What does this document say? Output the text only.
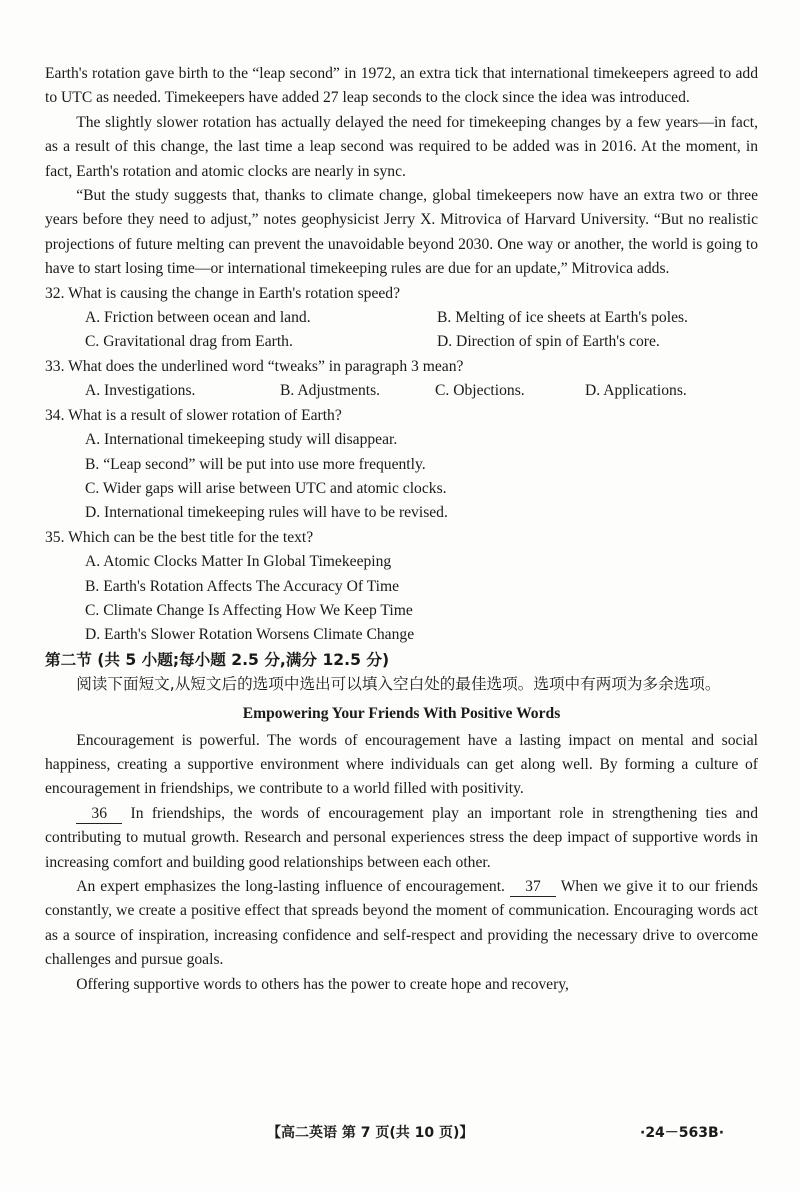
Earth's rotation gave birth to the “leap second” in 1972, an extra tick that international timekeepers agreed to add to UTC as needed. Timekeepers have added 27 leap seconds to the clock since the idea was introduced.

The slightly slower rotation has actually delayed the need for timekeeping changes by a few years—in fact, as a result of this change, the last time a leap second was required to be added was in 2016. At the moment, in fact, Earth's rotation and atomic clocks are nearly in sync.

“But the study suggests that, thanks to climate change, global timekeepers now have an extra two or three years before they need to adjust,” notes geophysicist Jerry X. Mitrovica of Harvard University. “But no realistic projections of future melting can prevent the unavoidable beyond 2030. One way or another, the world is going to have to start losing time—or international timekeeping rules are due for an update,” Mitrovica adds.

32. What is causing the change in Earth's rotation speed?
A. Friction between ocean and land.	B. Melting of ice sheets at Earth's poles.
C. Gravitational drag from Earth.	D. Direction of spin of Earth's core.
33. What does the underlined word “tweaks” in paragraph 3 mean?
A. Investigations.	B. Adjustments.	C. Objections.	D. Applications.
34. What is a result of slower rotation of Earth?
A. International timekeeping study will disappear.
B. “Leap second” will be put into use more frequently.
C. Wider gaps will arise between UTC and atomic clocks.
D. International timekeeping rules will have to be revised.
35. Which can be the best title for the text?
A. Atomic Clocks Matter In Global Timekeeping
B. Earth's Rotation Affects The Accuracy Of Time
C. Climate Change Is Affecting How We Keep Time
D. Earth's Slower Rotation Worsens Climate Change
第二节 (共 5 小题;每小题 2.5 分,满分 12.5 分)
阅读下面短文,从短文后的选项中选出可以填入空白处的最佳选项。选项中有两项为多余选项。
Empowering Your Friends With Positive Words

Encouragement is powerful. The words of encouragement have a lasting impact on mental and social happiness, creating a supportive environment where individuals can get along well. By forming a culture of encouragement in friendships, we contribute to a world filled with positivity.

36 In friendships, the words of encouragement play an important role in strengthening ties and contributing to mutual growth. Research and personal experiences stress the deep impact of supportive words in increasing comfort and building good relationships between each other.

An expert emphasizes the long-lasting influence of encouragement. 37 When we give it to our friends constantly, we create a positive effect that spreads beyond the moment of communication. Encouraging words act as a source of inspiration, increasing confidence and self-respect and providing the necessary drive to overcome challenges and pursue goals.

Offering supportive words to others has the power to create hope and recovery,

【高二英语 第 7 页(共 10 页)】	·24－563B·
